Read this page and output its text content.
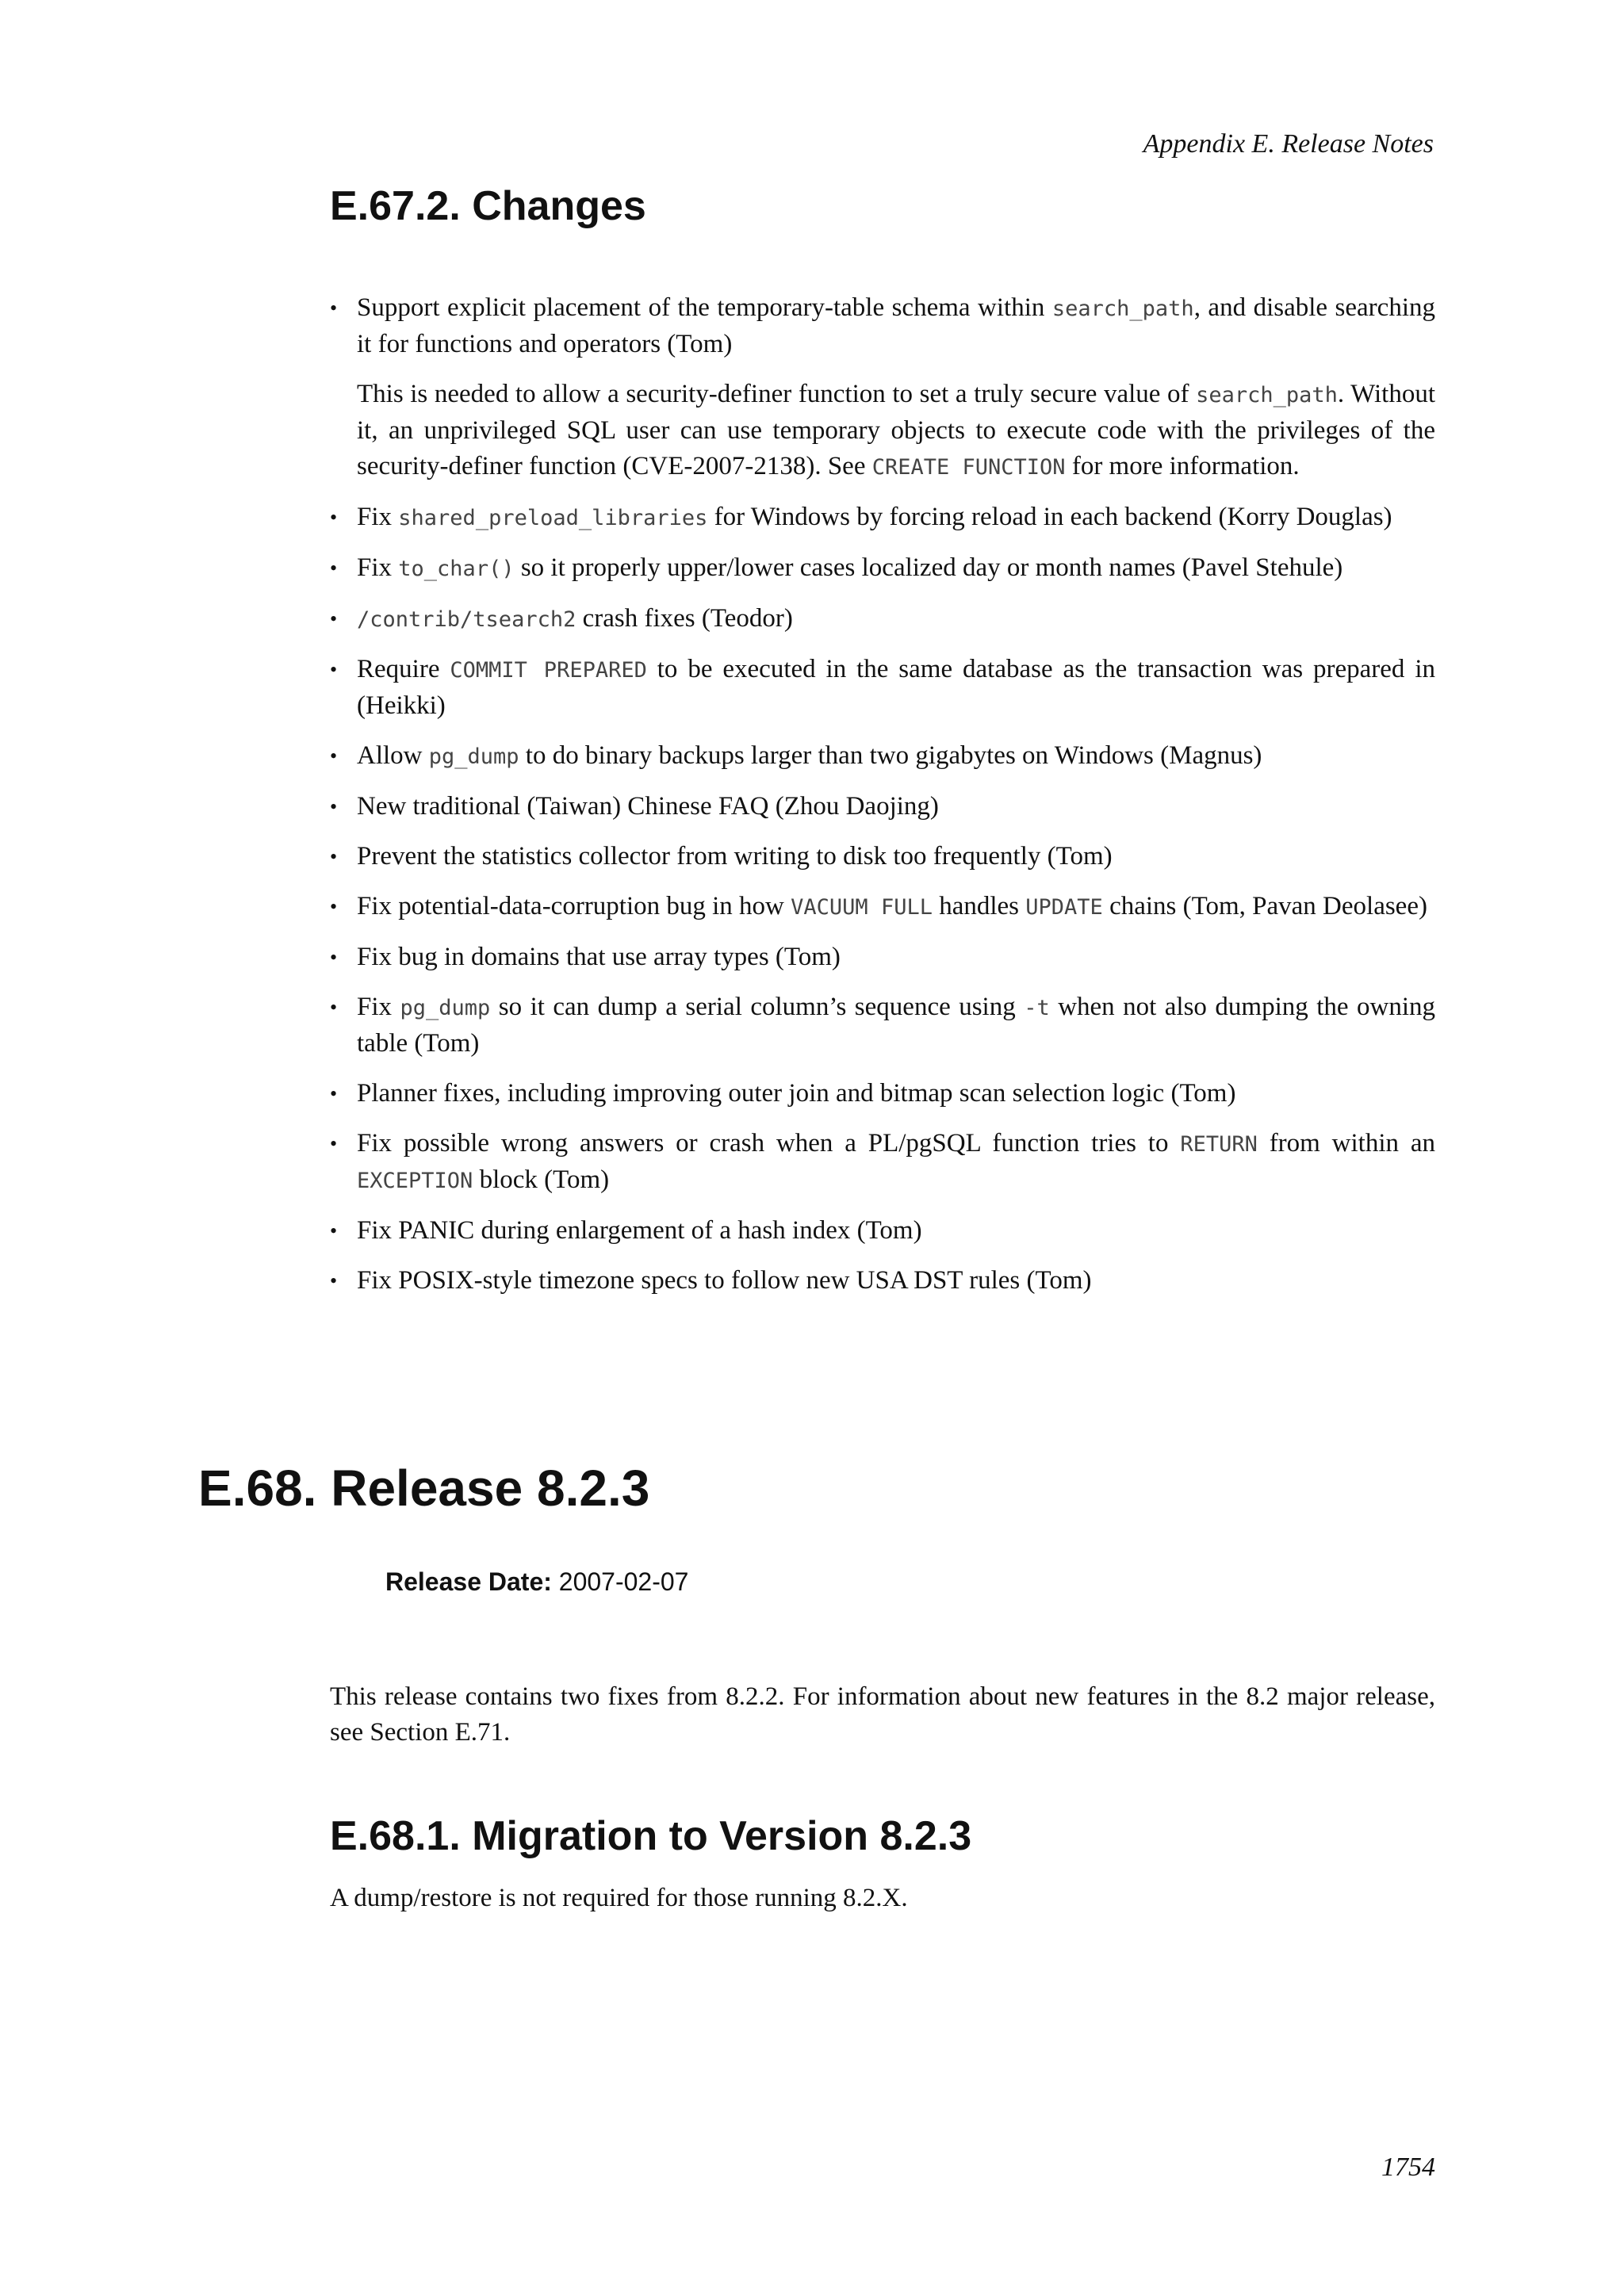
Appendix E. Release Notes
E.67.2. Changes

• Support explicit placement of the temporary-table schema within search_path, and disable searching it for functions and operators (Tom)

This is needed to allow a security-definer function to set a truly secure value of search_path. Without it, an unprivileged SQL user can use temporary objects to execute code with the privileges of the security-definer function (CVE-2007-2138). See CREATE FUNCTION for more information.

• Fix shared_preload_libraries for Windows by forcing reload in each backend (Korry Douglas)

• Fix to_char() so it properly upper/lower cases localized day or month names (Pavel Stehule)

• /contrib/tsearch2 crash fixes (Teodor)

• Require COMMIT PREPARED to be executed in the same database as the transaction was prepared in (Heikki)

• Allow pg_dump to do binary backups larger than two gigabytes on Windows (Magnus)

• New traditional (Taiwan) Chinese FAQ (Zhou Daojing)

• Prevent the statistics collector from writing to disk too frequently (Tom)

• Fix potential-data-corruption bug in how VACUUM FULL handles UPDATE chains (Tom, Pavan Deolasee)

• Fix bug in domains that use array types (Tom)

• Fix pg_dump so it can dump a serial column’s sequence using -t when not also dumping the owning table (Tom)

• Planner fixes, including improving outer join and bitmap scan selection logic (Tom)

• Fix possible wrong answers or crash when a PL/pgSQL function tries to RETURN from within an EXCEPTION block (Tom)

• Fix PANIC during enlargement of a hash index (Tom)

• Fix POSIX-style timezone specs to follow new USA DST rules (Tom)

E.68. Release 8.2.3
Release Date: 2007-02-07

This release contains two fixes from 8.2.2. For information about new features in the 8.2 major release, see Section E.71.

E.68.1. Migration to Version 8.2.3

A dump/restore is not required for those running 8.2.X.

1754
